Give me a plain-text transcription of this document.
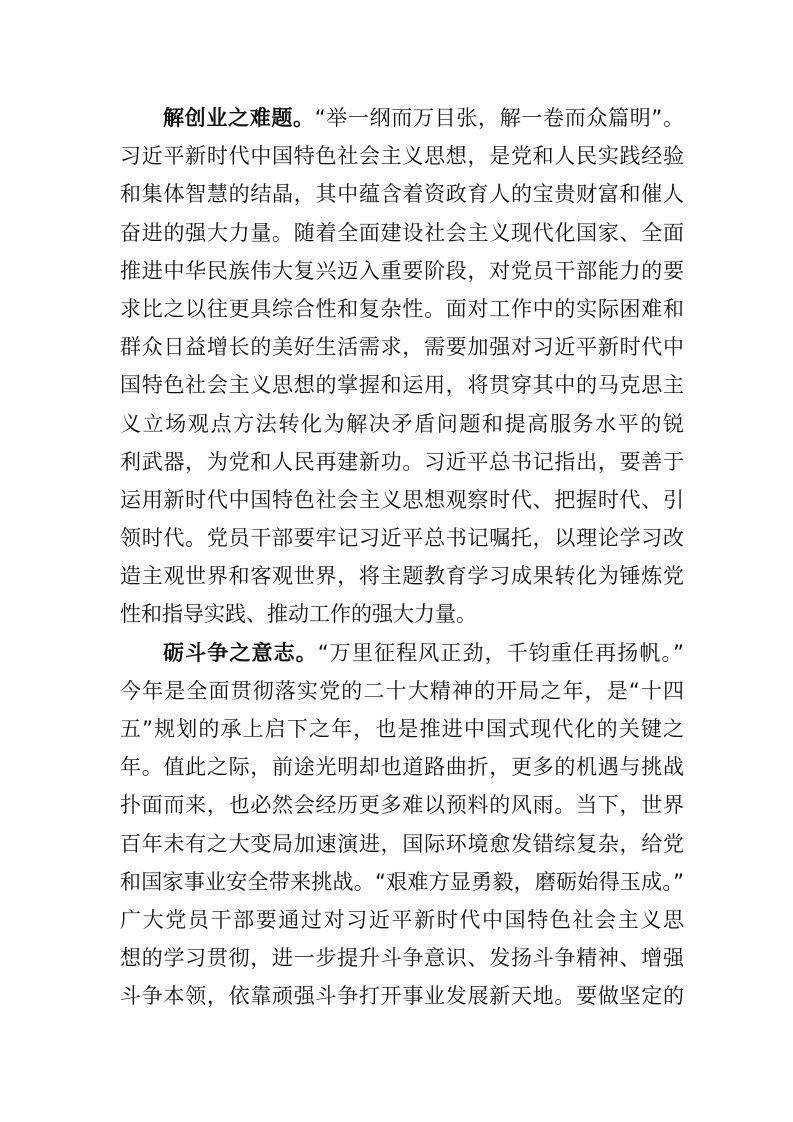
解创业之难题。“举一纲而万目张，解一卷而众篇明”。
习近平新时代中国特色社会主义思想，是党和人民实践经验
和集体智慧的结晶，其中蕴含着资政育人的宝贵财富和催人
奋进的强大力量。随着全面建设社会主义现代化国家、全面
推进中华民族伟大复兴迈入重要阶段，对党员干部能力的要
求比之以往更具综合性和复杂性。面对工作中的实际困难和
群众日益增长的美好生活需求，需要加强对习近平新时代中
国特色社会主义思想的掌握和运用，将贯穿其中的马克思主
义立场观点方法转化为解决矛盾问题和提高服务水平的锐
利武器，为党和人民再建新功。习近平总书记指出，要善于
运用新时代中国特色社会主义思想观察时代、把握时代、引
领时代。党员干部要牢记习近平总书记嘱托，以理论学习改
造主观世界和客观世界，将主题教育学习成果转化为锤炼党
性和指导实践、推动工作的强大力量。
砺斗争之意志。“万里征程风正劲，千钧重任再扬帆。”
今年是全面贯彻落实党的二十大精神的开局之年，是“十四
五”规划的承上启下之年，也是推进中国式现代化的关键之
年。值此之际，前途光明却也道路曲折，更多的机遇与挑战
扑面而来，也必然会经历更多难以预料的风雨。当下，世界
百年未有之大变局加速演进，国际环境愈发错综复杂，给党
和国家事业安全带来挑战。“艰难方显勇毅，磨砺始得玉成。”
广大党员干部要通过对习近平新时代中国特色社会主义思
想的学习贯彻，进一步提升斗争意识、发扬斗争精神、增强
斗争本领，依靠顽强斗争打开事业发展新天地。要做坚定的
